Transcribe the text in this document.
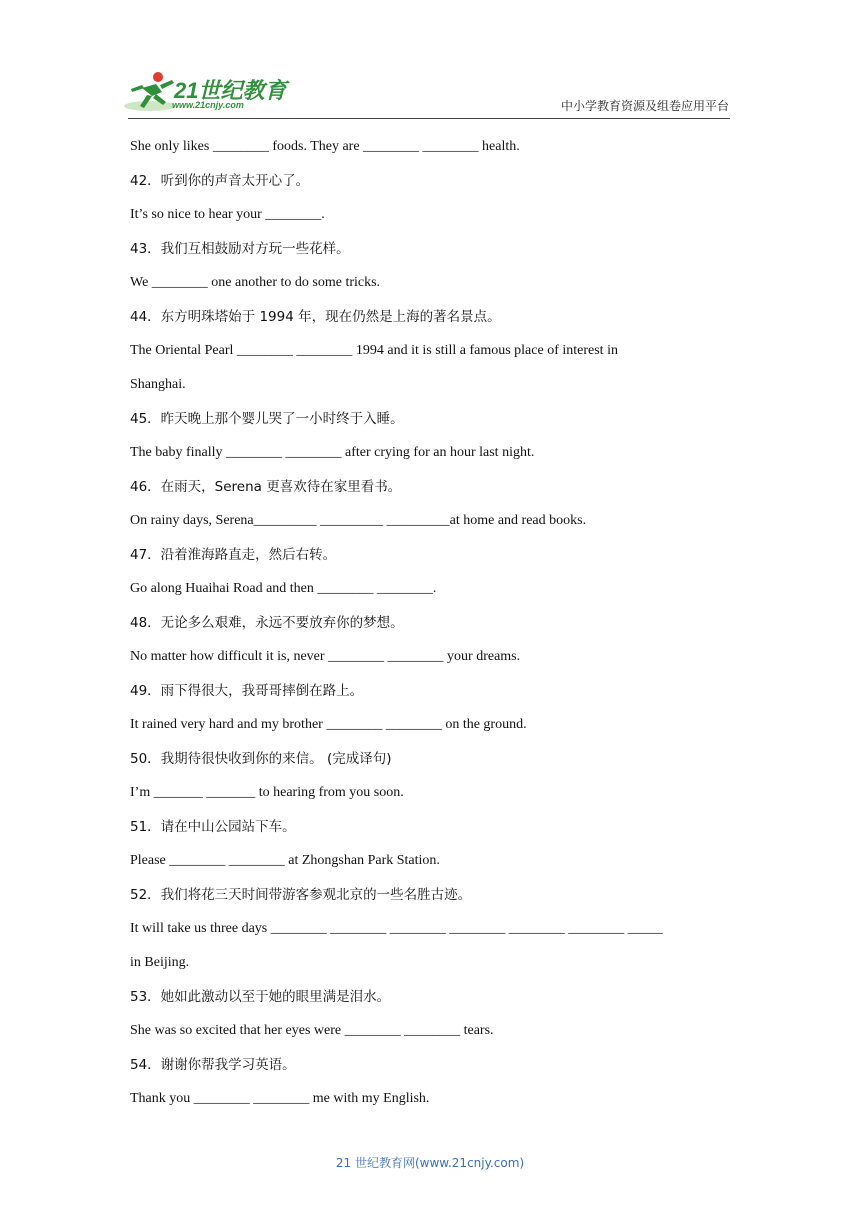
21世纪教育
www.21cnjy.com	中小学教育资源及组卷应用平台
She only likes ________ foods. They are ________ ________ health.
42．听到你的声音太开心了。
It’s so nice to hear your ________.
43．我们互相鼓励对方玩一些花样。
We ________ one another to do some tricks.
44．东方明珠塔始于 1994 年，现在仍然是上海的著名景点。
The Oriental Pearl ________ ________ 1994 and it is still a famous place of interest in
Shanghai.
45．昨天晚上那个婴儿哭了一小时终于入睡。
The baby finally ________ ________ after crying for an hour last night.
46．在雨天，Serena 更喜欢待在家里看书。
On rainy days, Serena_________ _________ _________at home and read books.
47．沿着淮海路直走，然后右转。
Go along Huaihai Road and then ________ ________.
48．无论多么艰难，永远不要放弃你的梦想。
No matter how difficult it is, never ________ ________ your dreams.
49．雨下得很大，我哥哥摔倒在路上。
It rained very hard and my brother ________ ________ on the ground.
50．我期待很快收到你的来信。 (完成译句)
I’m _______ _______ to hearing from you soon.
51．请在中山公园站下车。
Please ________ ________ at Zhongshan Park Station.
52．我们将花三天时间带游客参观北京的一些名胜古迹。
It will take us three days ________ ________ ________ ________ ________ ________ _____
in Beijing.
53．她如此激动以至于她的眼里满是泪水。
She was so excited that her eyes were ________ ________ tears.
54．谢谢你帮我学习英语。
Thank you ________ ________ me with my English.
21 世纪教育网(www.21cnjy.com)
